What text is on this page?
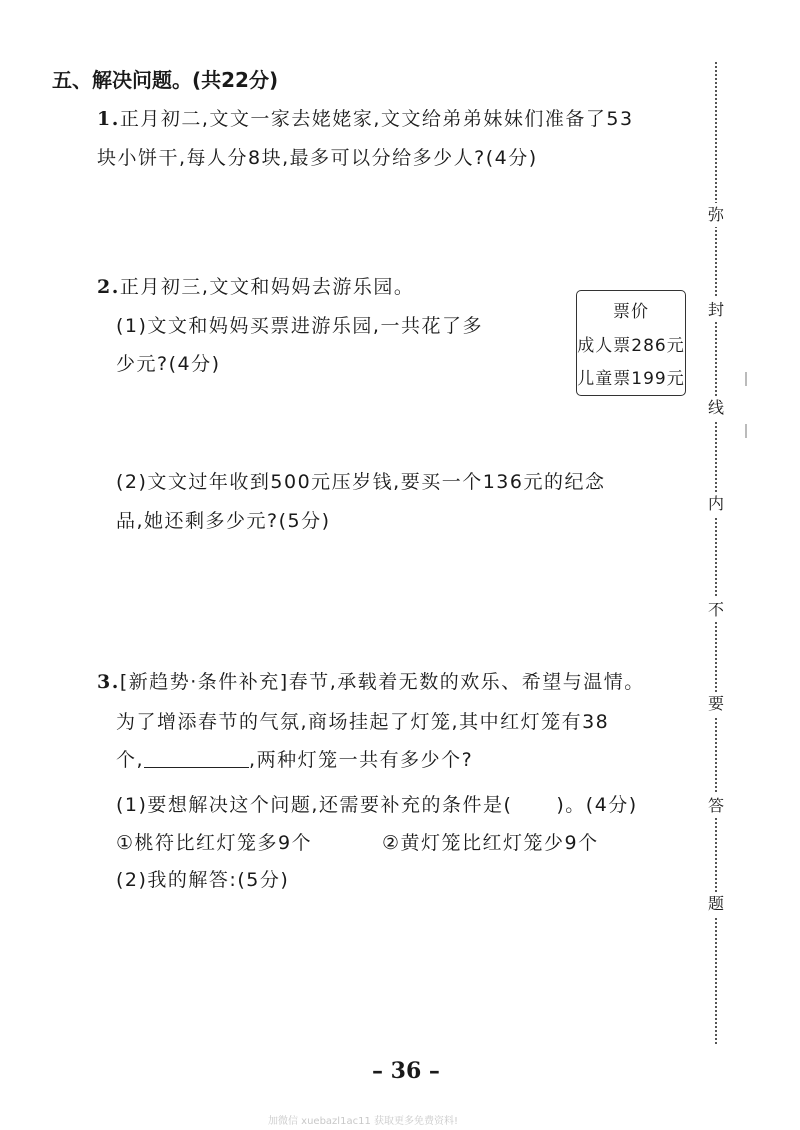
五、解决问题。(共22分)
1.正月初二,文文一家去姥姥家,文文给弟弟妹妹们准备了53
块小饼干,每人分8块,最多可以分给多少人?(4分)
2.正月初三,文文和妈妈去游乐园。
(1)文文和妈妈买票进游乐园,一共花了多
少元?(4分)
票价
成人票286元
儿童票199元
(2)文文过年收到500元压岁钱,要买一个136元的纪念
品,她还剩多少元?(5分)
3.[新趋势·条件补充]春节,承载着无数的欢乐、希望与温情。
为了增添春节的气氛,商场挂起了灯笼,其中红灯笼有38
个,	,两种灯笼一共有多少个?
(1)要想解决这个问题,还需要补充的条件是( )。(4分)
①桃符比红灯笼多9个	②黄灯笼比红灯笼少9个
(2)我的解答:(5分)
弥
封
线
内
不
要
答
题
– 36 –
加微信 xuebazl1ac11 获取更多免费资料!
